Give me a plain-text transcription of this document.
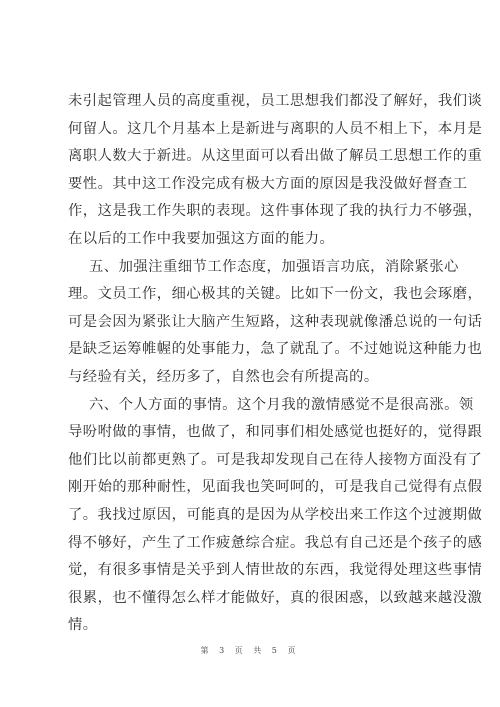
未引起管理人员的高度重视，员工思想我们都没了解好，我们谈
何留人。这几个月基本上是新进与离职的人员不相上下，本月是
离职人数大于新进。从这里面可以看出做了解员工思想工作的重
要性。其中这工作没完成有极大方面的原因是我没做好督查工
作，这是我工作失职的表现。这件事体现了我的执行力不够强，
在以后的工作中我要加强这方面的能力。
五、加强注重细节工作态度，加强语言功底，消除紧张心
理。文员工作，细心极其的关键。比如下一份文，我也会琢磨，
可是会因为紧张让大脑产生短路，这种表现就像潘总说的一句话
是缺乏运筹帷幄的处事能力，急了就乱了。不过她说这种能力也
与经验有关，经历多了，自然也会有所提高的。
六、个人方面的事情。这个月我的激情感觉不是很高涨。领
导吩咐做的事情，也做了，和同事们相处感觉也挺好的，觉得跟
他们比以前都更熟了。可是我却发现自己在待人接物方面没有了
刚开始的那种耐性，见面我也笑呵呵的，可是我自己觉得有点假
了。我找过原因，可能真的是因为从学校出来工作这个过渡期做
得不够好，产生了工作疲惫综合症。我总有自己还是个孩子的感
觉，有很多事情是关乎到人情世故的东西，我觉得处理这些事情
很累，也不懂得怎么样才能做好，真的很困惑，以致越来越没激
情。
第 3 页 共 5 页
